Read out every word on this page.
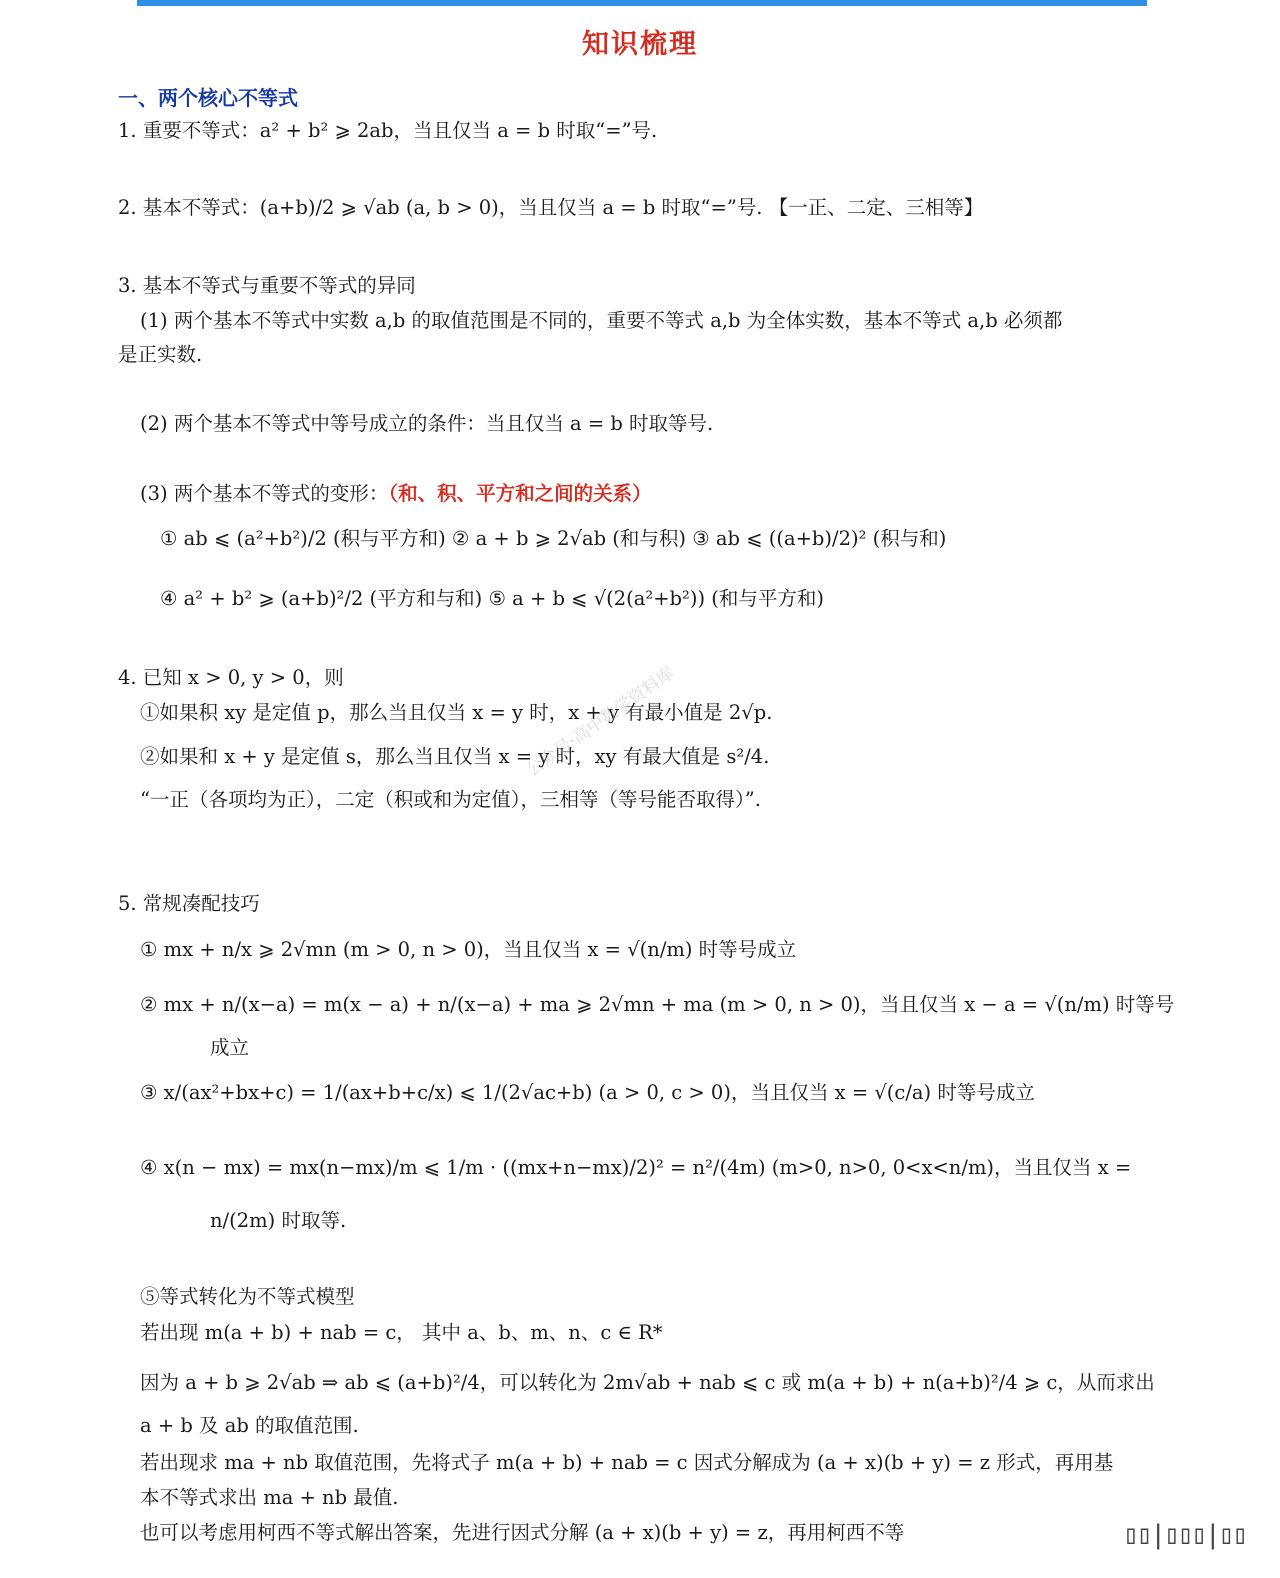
知识梳理
一、两个核心不等式
1. 重要不等式：a² + b² ⩾ 2ab，当且仅当 a = b 时取“=”号.
2. 基本不等式：(a+b)/2 ⩾ √ab (a, b > 0)，当且仅当 a = b 时取“=”号. 【一正、二定、三相等】
3. 基本不等式与重要不等式的异同
(1) 两个基本不等式中实数 a,b 的取值范围是不同的，重要不等式 a,b 为全体实数，基本不等式 a,b 必须都
是正实数.
(2) 两个基本不等式中等号成立的条件：当且仅当 a = b 时取等号.
(3) 两个基本不等式的变形：（和、积、平方和之间的关系）
① ab ⩽ (a²+b²)/2 (积与平方和) ② a + b ⩾ 2√ab (和与积) ③ ab ⩽ ((a+b)/2)² (积与和)
④ a² + b² ⩾ (a+b)²/2 (平方和与和) ⑤ a + b ⩽ √(2(a²+b²)) (和与平方和)
4. 已知 x > 0, y > 0，则
①如果积 xy 是定值 p，那么当且仅当 x = y 时，x + y 有最小值是 2√p.
②如果和 x + y 是定值 s，那么当且仅当 x = y 时，xy 有最大值是 s²/4.
“一正（各项均为正），二定（积或和为定值），三相等（等号能否取得）”.
5. 常规凑配技巧
① mx + n/x ⩾ 2√mn (m > 0, n > 0)，当且仅当 x = √(n/m) 时等号成立
② mx + n/(x−a) = m(x − a) + n/(x−a) + ma ⩾ 2√mn + ma (m > 0, n > 0)，当且仅当 x − a = √(n/m) 时等号
成立
③ x/(ax²+bx+c) = 1/(ax+b+c/x) ⩽ 1/(2√ac+b) (a > 0, c > 0)，当且仅当 x = √(c/a) 时等号成立
④ x(n − mx) = mx(n−mx)/m ⩽ 1/m · ((mx+n−mx)/2)² = n²/(4m) (m>0, n>0, 0<x<n/m)，当且仅当 x =
n/(2m) 时取等.
⑤等式转化为不等式模型
若出现 m(a + b) + nab = c， 其中 a、b、m、n、c ∈ R*
因为 a + b ⩾ 2√ab ⇒ ab ⩽ (a+b)²/4，可以转化为 2m√ab + nab ⩽ c 或 m(a + b) + n(a+b)²/4 ⩾ c，从而求出
a + b 及 ab 的取值范围.
若出现求 ma + nb 取值范围，先将式子 m(a + b) + nab = c 因式分解成为 (a + x)(b + y) = z 形式，再用基
本不等式求出 ma + nb 最值.
也可以考虑用柯西不等式解出答案，先进行因式分解 (a + x)(b + y) = z，再用柯西不等
公众号·高中数学资料库
▯▯|▯▯▯|▯▯
